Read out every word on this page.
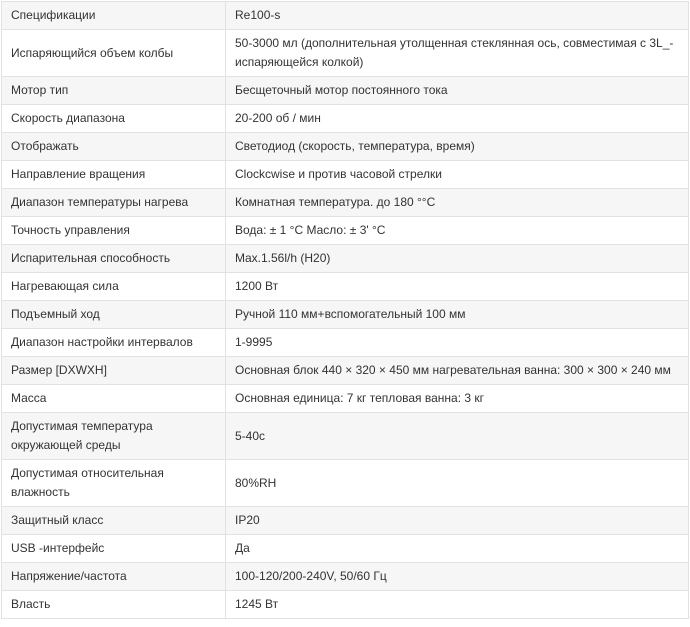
Спецификации	Re100-s
Испаряющийся объем колбы	50-3000 мл (дополнительная утолщенная стеклянная ось, совместимая с 3L_-испаряющейся колкой)
Мотор тип	Бесщеточный мотор постоянного тока
Скорость диапазона	20-200 об / мин
Отображать	Светодиод (скорость, температура, время)
Направление вращения	Clockcwise и против часовой стрелки
Диапазон температуры нагрева	Комнатная температура. до 180 °°C
Точность управления	Вода: ± 1 °C Масло: ± 3' °C
Испарительная способность	Max.1.56l/h (H20)
Нагревающая сила	1200 Вт
Подъемный ход	Ручной 110 мм+вспомогательный 100 мм
Диапазон настройки интервалов	1-9995
Размер [DXWXH]	Основная блок 440 × 320 × 450 мм нагревательная ванна: 300 × 300 × 240 мм
Масса	Основная единица: 7 кг тепловая ванна: 3 кг
Допустимая температура окружающей среды	5-40с
Допустимая относительная влажность	80%RH
Защитный класс	IP20
USB -интерфейс	Да
Напряжение/частота	100-120/200-240V, 50/60 Гц
Власть	1245 Вт
